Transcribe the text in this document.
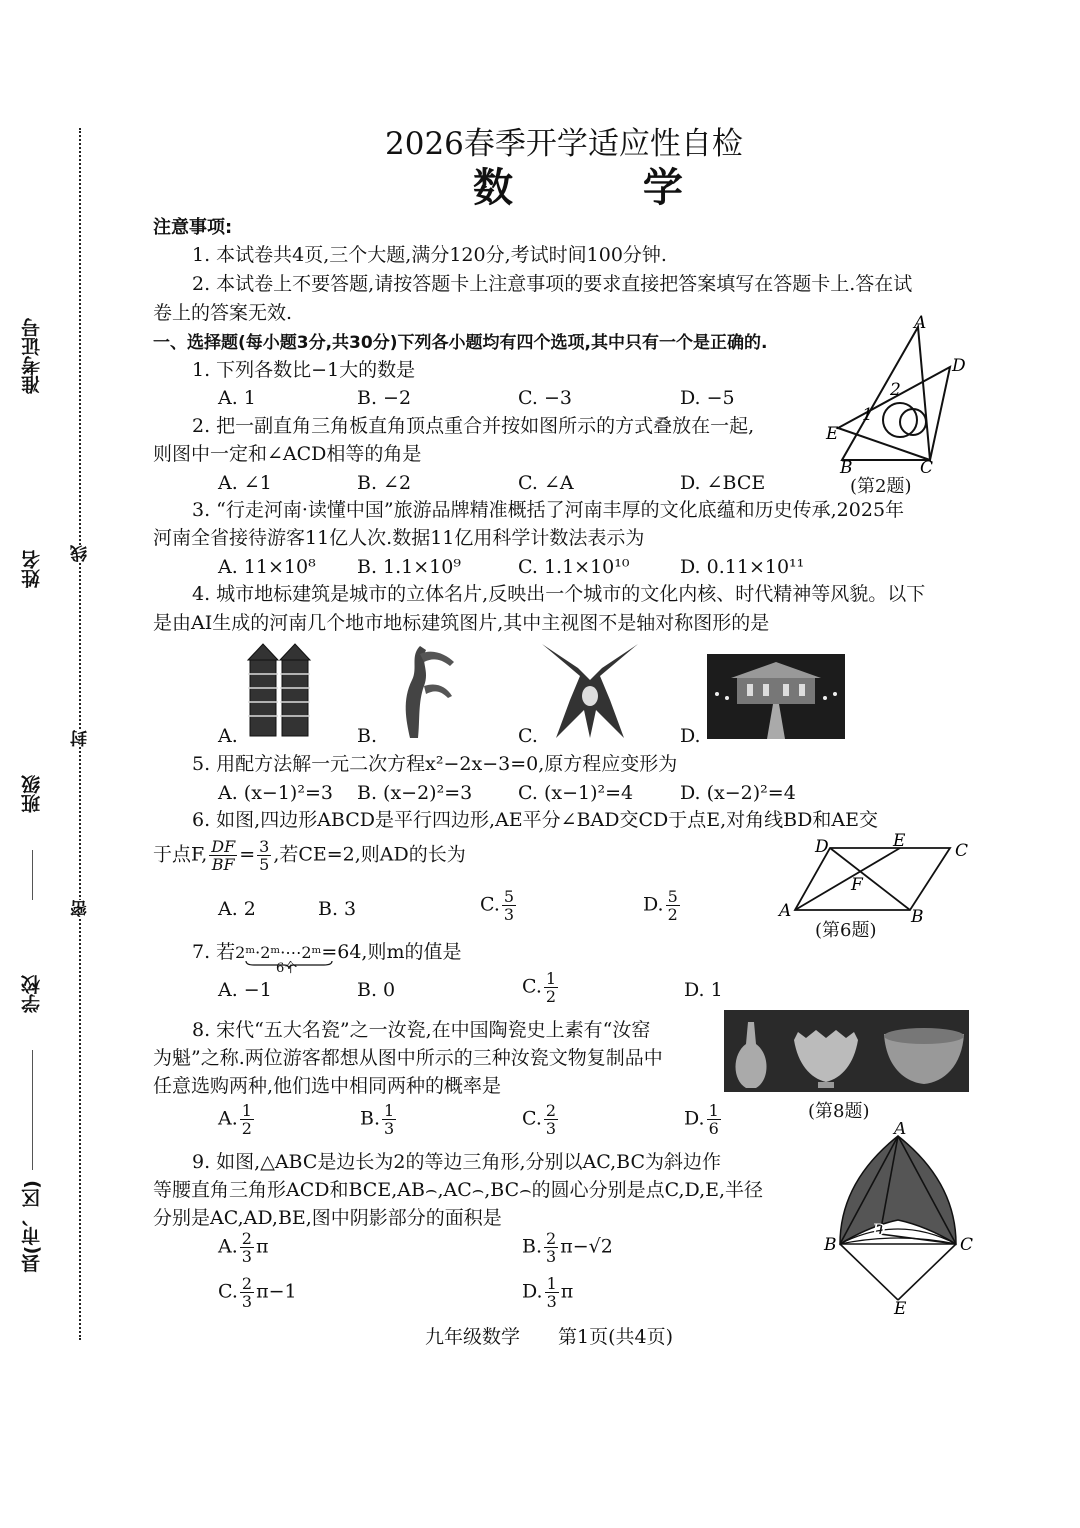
准考证号
姓名
班级
学校
县(市、区)
线
封
密
2026春季开学适应性自检
数 学
注意事项:
1. 本试卷共4页,三个大题,满分120分,考试时间100分钟.
2. 本试卷上不要答题,请按答题卡上注意事项的要求直接把答案填写在答题卡上.答在试
卷上的答案无效.
一、选择题(每小题3分,共30分)下列各小题均有四个选项,其中只有一个是正确的.
1. 下列各数比−1大的数是
A. 1	B. −2	C. −3	D. −5
2. 把一副直角三角板直角顶点重合并按如图所示的方式叠放在一起,
则图中一定和∠ACD相等的角是
A. ∠1	B. ∠2	C. ∠A	D. ∠BCE
A
D
2
1
E
B	C
(第2题)
3. “行走河南·读懂中国”旅游品牌精准概括了河南丰厚的文化底蕴和历史传承,2025年
河南全省接待游客11亿人次.数据11亿用科学计数法表示为
A. 11×10⁸ B. 1.1×10⁹	C. 1.1×10¹⁰	D. 0.11×10¹¹
4. 城市地标建筑是城市的立体名片,反映出一个城市的文化内核、时代精神等风貌。以下
是由AI生成的河南几个地市地标建筑图片,其中主视图不是轴对称图形的是
A.	B.	C.	D.
5. 用配方法解一元二次方程x²−2x−3=0,原方程应变形为
A. (x−1)²=3 B. (x−2)²=3 C. (x−1)²=4 D. (x−2)²=4
6. 如图,四边形ABCD是平行四边形,AE平分∠BAD交CD于点E,对角线BD和AE交
于点F, $\frac{DF}{BF} = \frac{3}{5}$ ,若CE=2,则AD的长为
A. 2	B. 3	C. $\frac{5}{3}$	D. $\frac{5}{2}$
D	E	C
F
A	B
(第6题)
7. 若2ᵐ·2ᵐ·⋯2ᵐ=64,则m的值是
6个
A. −1	B. 0	C. $\frac{1}{2}$	D. 1
8. 宋代“五大名瓷”之一汝瓷,在中国陶瓷史上素有“汝窑
为魁”之称.两位游客都想从图中所示的三种汝瓷文物复制品中
任意选购两种,他们选中相同两种的概率是
(第8题)
A. $\frac{1}{2}$	B. $\frac{1}{3}$	C. $\frac{2}{3}$	D. $\frac{1}{6}$
9. 如图,△ABC是边长为2的等边三角形,分别以AC,BC为斜边作
等腰直角三角形ACD和BCE,AB⌢,AC⌢,BC⌢的圆心分别是点C,D,E,半径
分别是AC,AD,BE,图中阴影部分的面积是
A. $\frac{2}{3}$ π	B. $\frac{2}{3} \pi-√2$
C. $\frac{2}{3} \pi-1$	D. $\frac{1}{3}$ π
A
D
B	C
E
九年级数学　　第1页(共4页)
